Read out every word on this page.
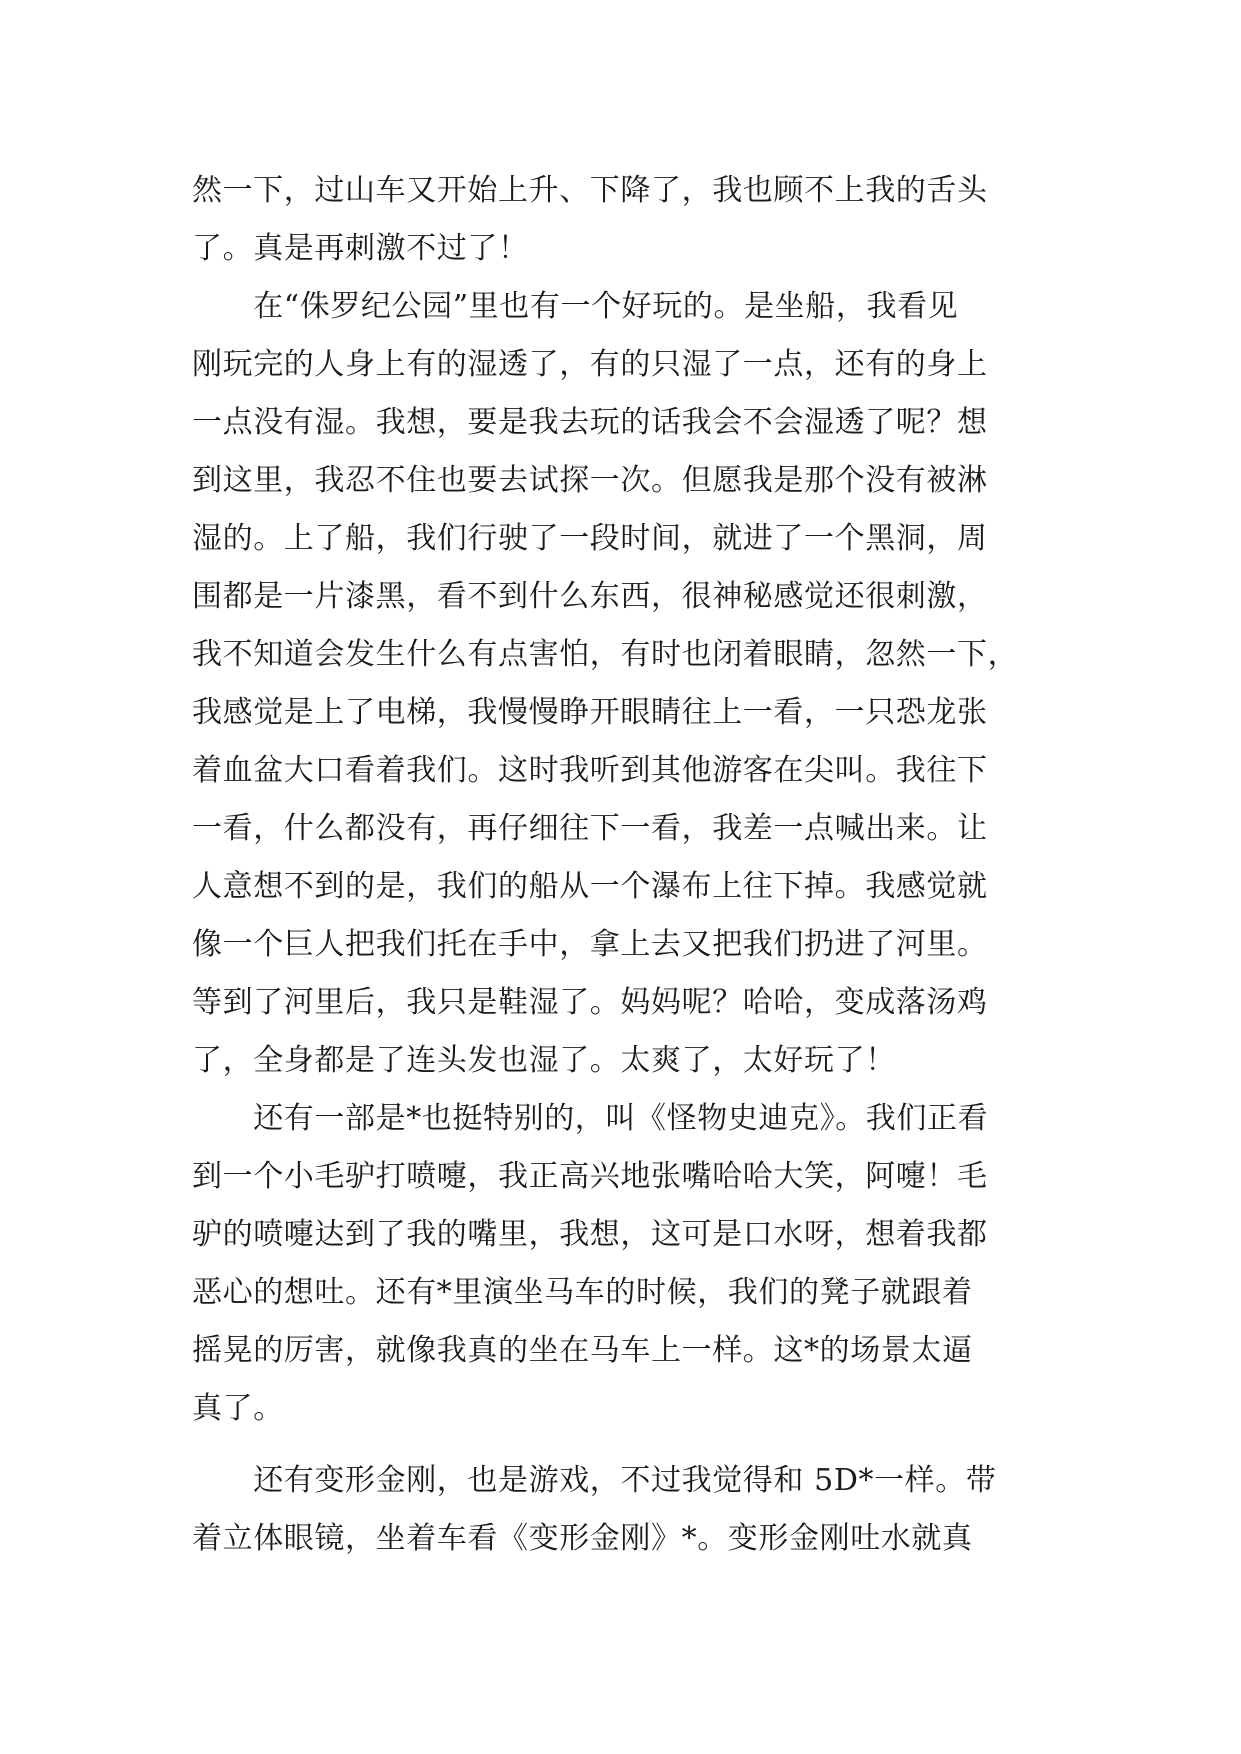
然一下，过山车又开始上升、下降了，我也顾不上我的舌头
了。真是再刺激不过了！
　　在“侏罗纪公园”里也有一个好玩的。是坐船，我看见
刚玩完的人身上有的湿透了，有的只湿了一点，还有的身上
一点没有湿。我想，要是我去玩的话我会不会湿透了呢？想
到这里，我忍不住也要去试探一次。但愿我是那个没有被淋
湿的。上了船，我们行驶了一段时间，就进了一个黑洞，周
围都是一片漆黑，看不到什么东西，很神秘感觉还很刺激，
我不知道会发生什么有点害怕，有时也闭着眼睛，忽然一下，
我感觉是上了电梯，我慢慢睁开眼睛往上一看，一只恐龙张
着血盆大口看着我们。这时我听到其他游客在尖叫。我往下
一看，什么都没有，再仔细往下一看，我差一点喊出来。让
人意想不到的是，我们的船从一个瀑布上往下掉。我感觉就
像一个巨人把我们托在手中，拿上去又把我们扔进了河里。
等到了河里后，我只是鞋湿了。妈妈呢？哈哈，变成落汤鸡
了，全身都是了连头发也湿了。太爽了，太好玩了！
　　还有一部是*也挺特别的，叫《怪物史迪克》。我们正看
到一个小毛驴打喷嚏，我正高兴地张嘴哈哈大笑，阿嚏！毛
驴的喷嚏达到了我的嘴里，我想，这可是口水呀，想着我都
恶心的想吐。还有*里演坐马车的时候，我们的凳子就跟着
摇晃的厉害，就像我真的坐在马车上一样。这*的场景太逼
真了。
　　还有变形金刚，也是游戏，不过我觉得和 5D*一样。带
着立体眼镜，坐着车看《变形金刚》*。变形金刚吐水就真
